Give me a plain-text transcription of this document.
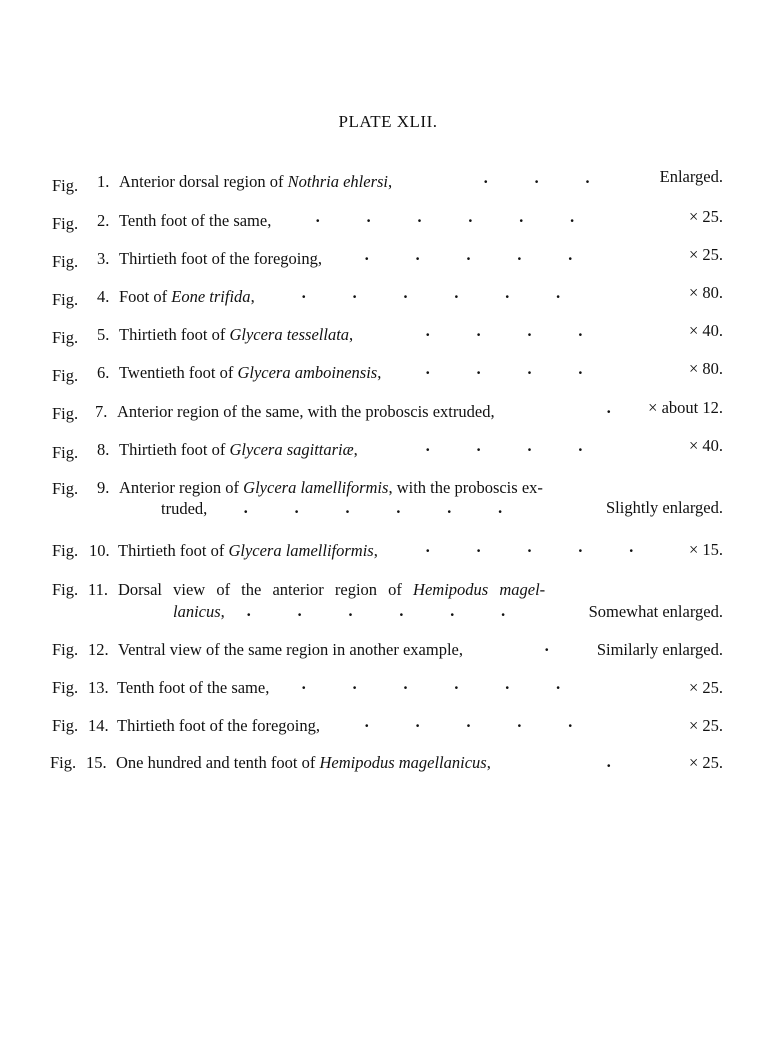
PLATE XLII.
Fig. 1. Anterior dorsal region of Nothria ehlersi,	·           ·           ·	Enlarged.
Fig. 2. Tenth foot of the same,	·           ·           ·           ·           ·           ·	× 25.
Fig. 3. Thirtieth foot of the foregoing,	·           ·           ·           ·           ·	× 25.
Fig. 4. Foot of Eone trifida,	·           ·           ·           ·           ·           ·	× 80.
Fig. 5. Thirtieth foot of Glycera tessellata,	·           ·           ·           ·	× 40.
Fig. 6. Twentieth foot of Glycera amboinensis,	·           ·           ·           ·	× 80.
Fig. 7. Anterior region of the same, with the proboscis extruded,	· × about 12.
Fig. 8. Thirtieth foot of Glycera sagittariæ,	·           ·           ·           ·	× 40.
Fig. 9. Anterior region of Glycera lamelliformis, with the proboscis ex-
truded, ·           ·           ·           ·           ·           ·	Slightly enlarged.
Fig. 10. Thirtieth foot of Glycera lamelliformis,	·           ·           ·           ·           ·	× 15.
Fig. 11. Dorsal view of the anterior region of Hemipodus magel-
lanicus, ·           ·           ·           ·           ·           ·	Somewhat enlarged.
Fig. 12. Ventral view of the same region in another example,	·	Similarly enlarged.
Fig. 13. Tenth foot of the same, ·           ·           ·           ·           ·           ·	× 25.
Fig. 14. Thirtieth foot of the foregoing,	·           ·           ·           ·           ·	× 25.
Fig. 15. One hundred and tenth foot of Hemipodus magellanicus,	·	× 25.
